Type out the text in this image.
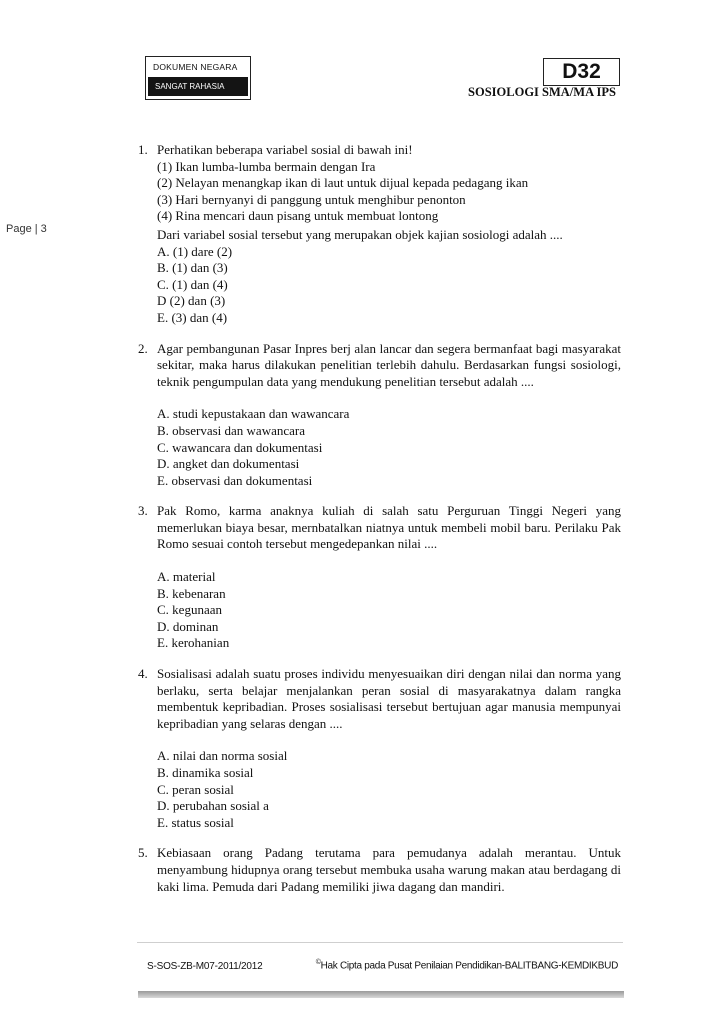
DOKUMEN NEGARA
SANGAT RAHASIA
D32
SOSIOLOGI SMA/MA IPS
Page | 3
1. Perhatikan beberapa variabel sosial di bawah ini!
(1) Ikan lumba-lumba bermain dengan Ira
(2) Nelayan menangkap ikan di laut untuk dijual kepada pedagang ikan
(3) Hari bernyanyi di panggung untuk menghibur penonton
(4) Rina mencari daun pisang untuk membuat lontong
Dari variabel sosial tersebut yang merupakan objek kajian sosiologi adalah ....
A. (1) dare (2)
B. (1) dan (3)
C. (1) dan (4)
D (2) dan (3)
E. (3) dan (4)
2. Agar pembangunan Pasar Inpres berj alan lancar dan segera bermanfaat bagi masyarakat sekitar, maka harus dilakukan penelitian terlebih dahulu. Berdasarkan fungsi sosiologi, teknik pengumpulan data yang mendukung penelitian tersebut adalah ....
A. studi kepustakaan dan wawancara
B. observasi dan wawancara
C. wawancara dan dokumentasi
D. angket dan dokumentasi
E. observasi dan dokumentasi
3. Pak Romo, karma anaknya kuliah di salah satu Perguruan Tinggi Negeri yang memerlukan biaya besar, mernbatalkan niatnya untuk membeli mobil baru. Perilaku Pak Romo sesuai contoh tersebut mengedepankan nilai ....
A. material
B. kebenaran
C. kegunaan
D. dominan
E. kerohanian
4. Sosialisasi adalah suatu proses individu menyesuaikan diri dengan nilai dan norma yang berlaku, serta belajar menjalankan peran sosial di masyarakatnya dalam rangka membentuk kepribadian. Proses sosialisasi tersebut bertujuan agar manusia mempunyai kepribadian yang selaras dengan ....
A. nilai dan norma sosial
B. dinamika sosial
C. peran sosial
D. perubahan sosial a
E. status sosial
5. Kebiasaan orang Padang terutama para pemudanya adalah merantau. Untuk menyambung hidupnya orang tersebut membuka usaha warung makan atau berdagang di kaki lima. Pemuda dari Padang memiliki jiwa dagang dan mandiri.
S-SOS-ZB-M07-2011/2012	©Hak Cipta pada Pusat Penilaian Pendidikan-BALITBANG-KEMDIKBUD
